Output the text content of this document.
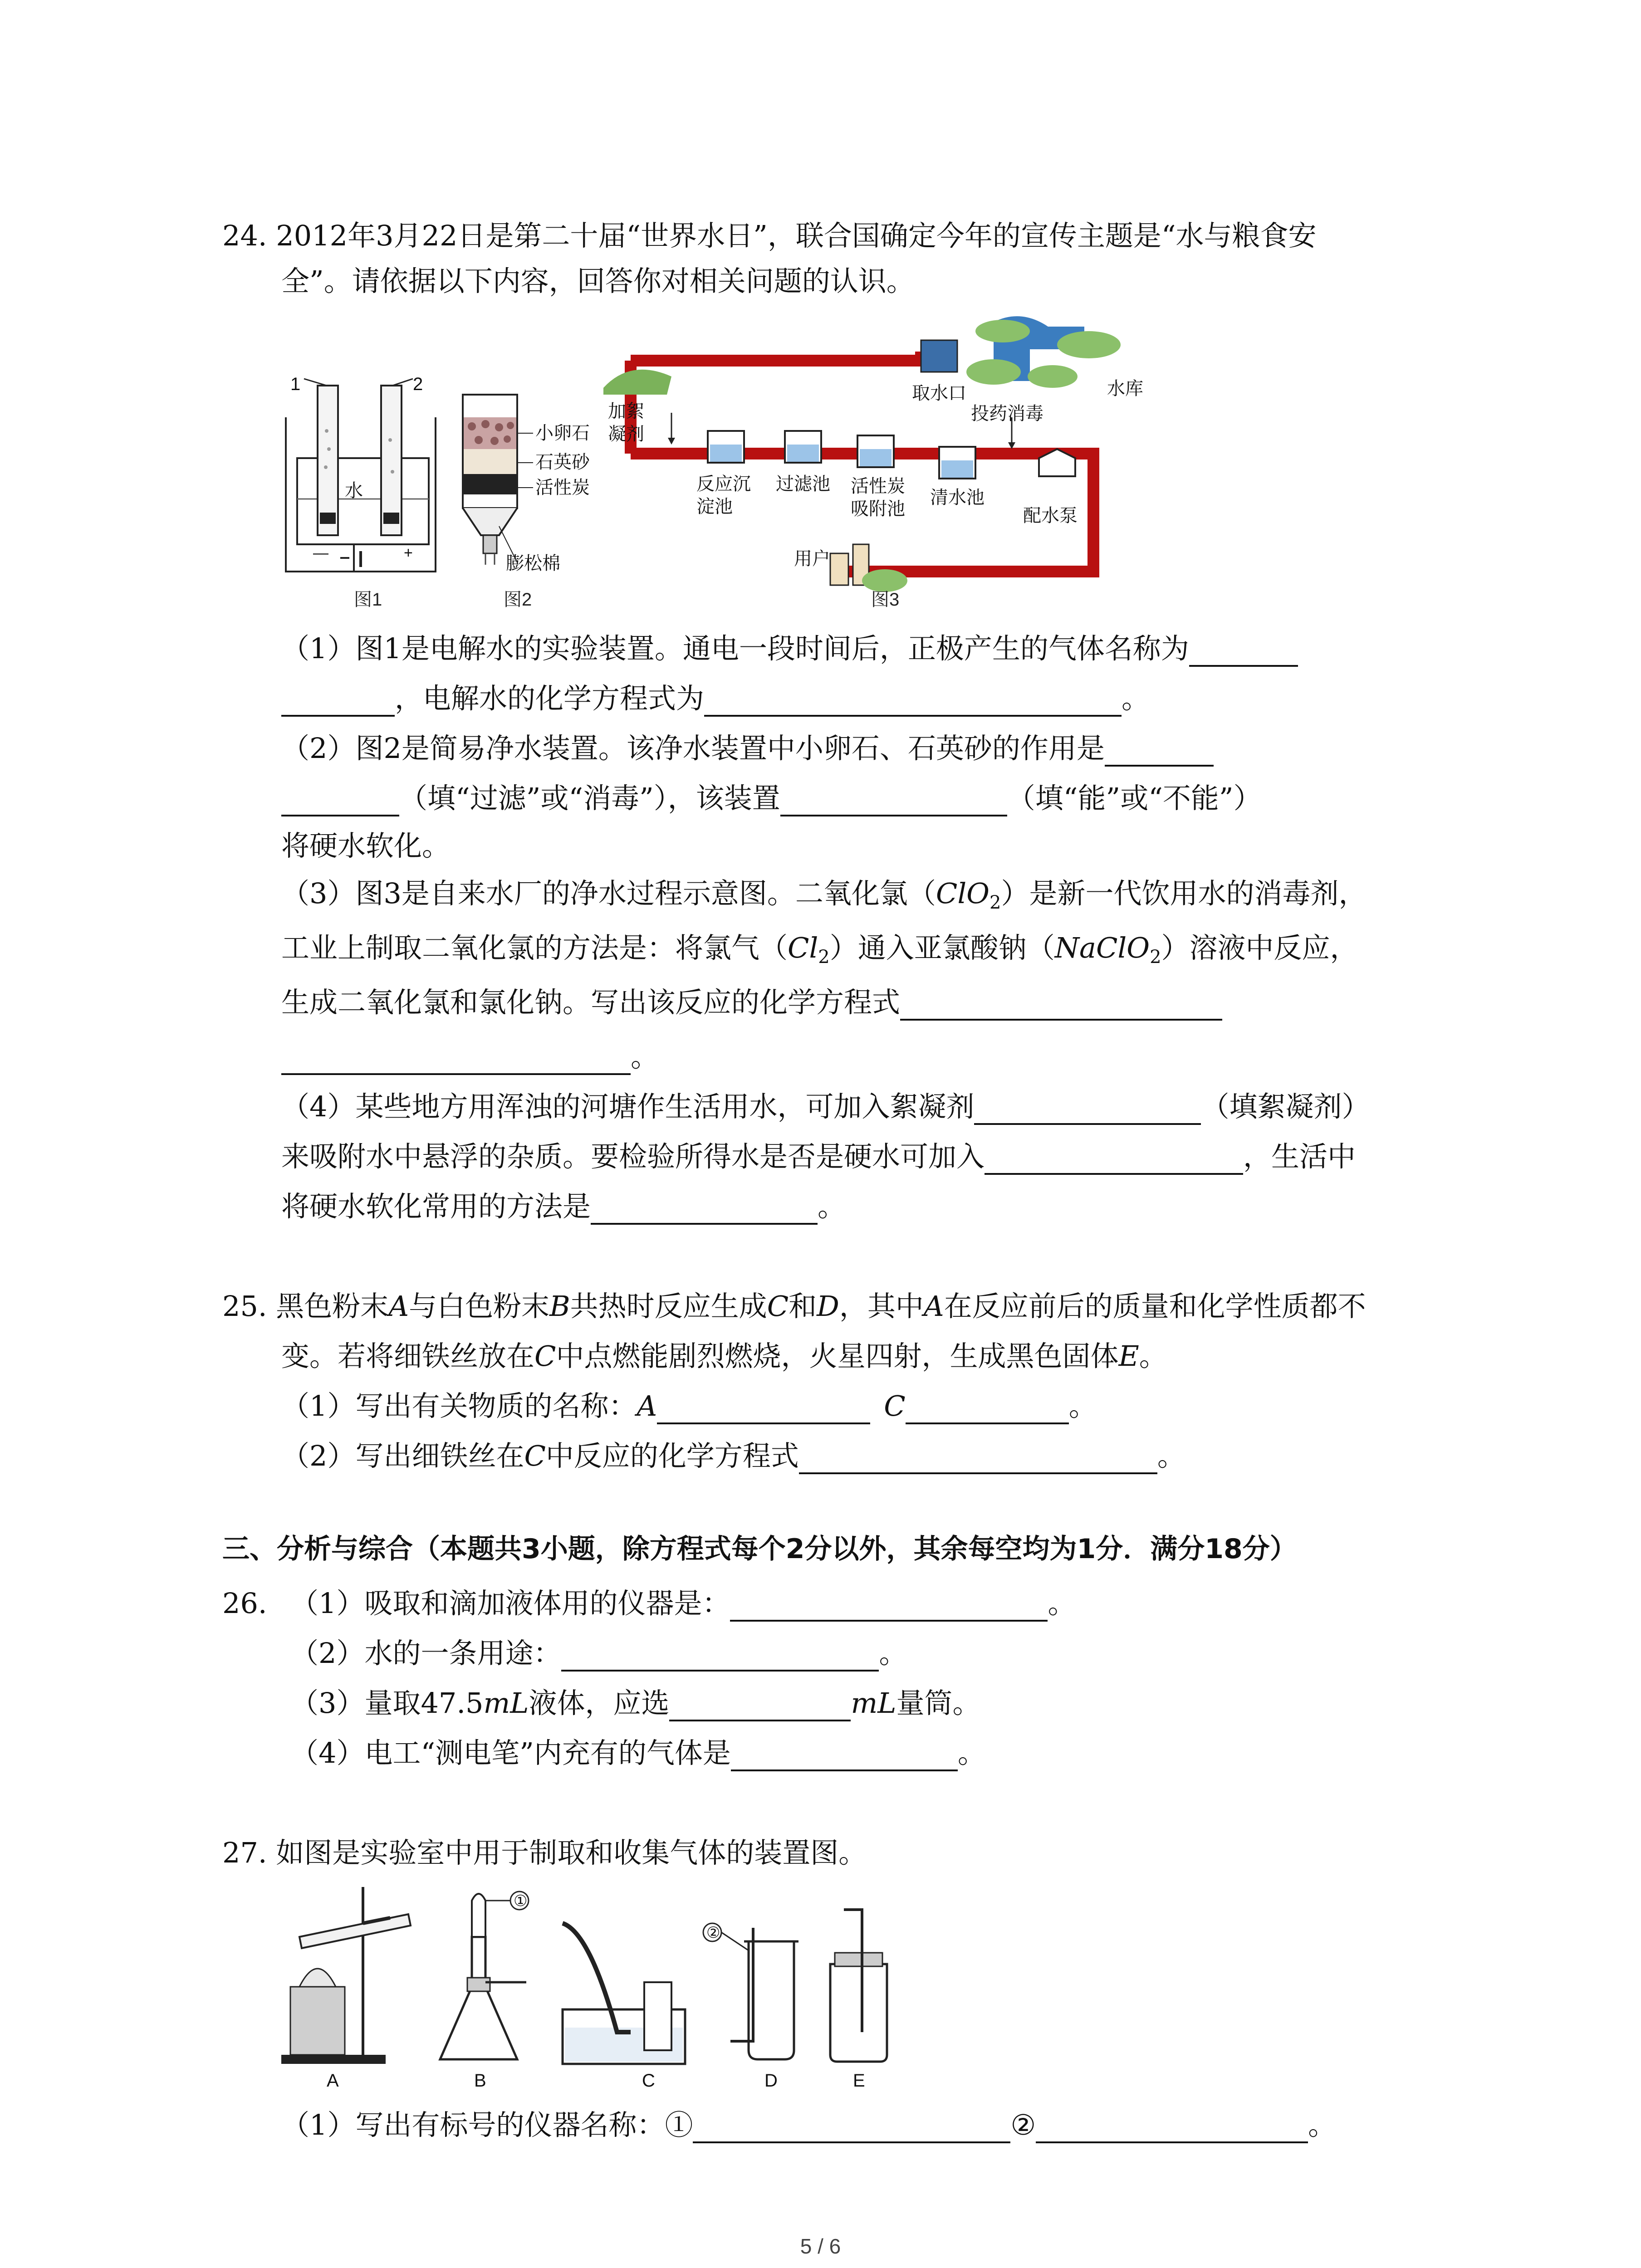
24. 2012年3月22日是第二十届“世界水日”，联合国确定今年的宣传主题是“水与粮食安
全”。请依据以下内容，回答你对相关问题的认识。
1	2
水
—	+
图1
小卵石
石英砂
活性炭
膨松棉
图2
加絮
凝剂
取水口	水库
投药消毒
反应沉
淀池
过滤池 活性炭
吸附池
清水池
配水泵
用户
图3
（1）图1是电解水的实验装置。通电一段时间后，正极产生的气体名称为
，电解水的化学方程式为	。
（2）图2是简易净水装置。该净水装置中小卵石、石英砂的作用是
（填“过滤”或“消毒”），该装置	（填“能”或“不能”）
将硬水软化。
（3）图3是自来水厂的净水过程示意图。二氧化氯（ClO$_2$）是新一代饮用水的消毒剂，
工业上制取二氧化氯的方法是：将氯气$(Cl_2)$通入亚氯酸钠（NaClO$_2$）溶液中反应，
生成二氧化氯和氯化钠。写出该反应的化学方程式
。
（4）某些地方用浑浊的河塘作生活用水，可加入絮凝剂	（填絮凝剂）
来吸附水中悬浮的杂质。要检验所得水是否是硬水可加入	，生活中
将硬水软化常用的方法是	。
25. 黑色粉末A与白色粉末B共热时反应生成C和D，其中A在反应前后的质量和化学性质都不
变。若将细铁丝放在C中点燃能剧烈燃烧，火星四射，生成黑色固体E。
（1）写出有关物质的名称：A	C	。
（2）写出细铁丝在C中反应的化学方程式	。
三、分析与综合（本题共3小题，除方程式每个2分以外，其余每空均为1分．满分18分）
26. （1）吸取和滴加液体用的仪器是：	。
（2）水的一条用途：	。
（3）量取47.5mL液体，应选	mL量筒。
（4）电工“测电笔”内充有的气体是	。
27. 如图是实验室中用于制取和收集气体的装置图。
①
②
A	B	C	D	E
（1）写出有标号的仪器名称：①	②	。
5 / 6
